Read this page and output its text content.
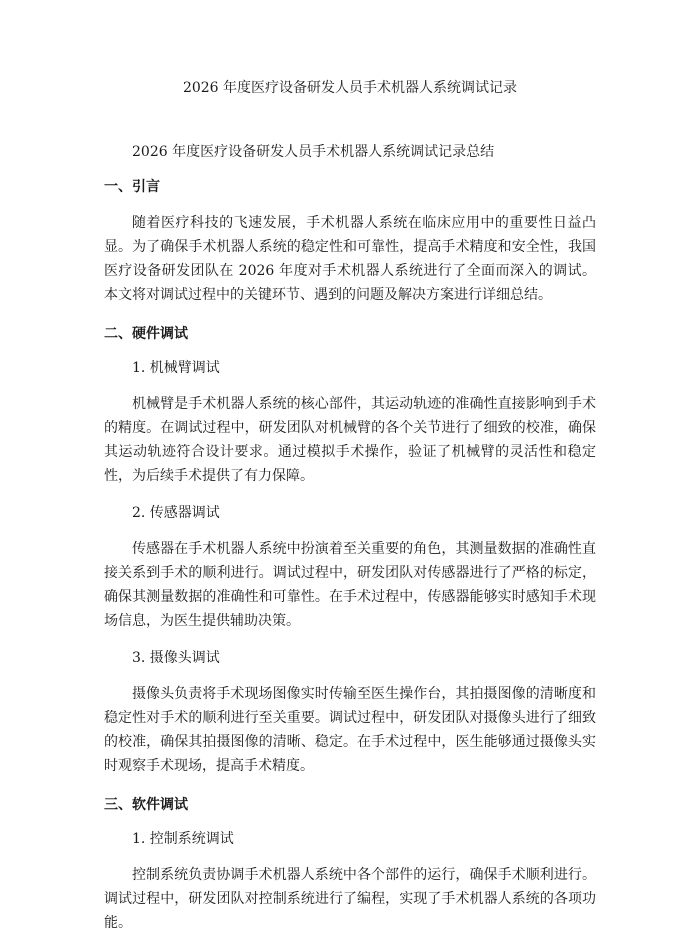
2026 年度医疗设备研发人员手术机器人系统调试记录

2026 年度医疗设备研发人员手术机器人系统调试记录总结

一、引言

随着医疗科技的飞速发展，手术机器人系统在临床应用中的重要性日益凸显。为了确保手术机器人系统的稳定性和可靠性，提高手术精度和安全性，我国医疗设备研发团队在 2026 年度对手术机器人系统进行了全面而深入的调试。本文将对调试过程中的关键环节、遇到的问题及解决方案进行详细总结。

二、硬件调试
1. 机械臂调试

机械臂是手术机器人系统的核心部件，其运动轨迹的准确性直接影响到手术的精度。在调试过程中，研发团队对机械臂的各个关节进行了细致的校准，确保其运动轨迹符合设计要求。通过模拟手术操作，验证了机械臂的灵活性和稳定性，为后续手术提供了有力保障。

2. 传感器调试

传感器在手术机器人系统中扮演着至关重要的角色，其测量数据的准确性直接关系到手术的顺利进行。调试过程中，研发团队对传感器进行了严格的标定，确保其测量数据的准确性和可靠性。在手术过程中，传感器能够实时感知手术现场信息，为医生提供辅助决策。

3. 摄像头调试

摄像头负责将手术现场图像实时传输至医生操作台，其拍摄图像的清晰度和稳定性对手术的顺利进行至关重要。调试过程中，研发团队对摄像头进行了细致的校准，确保其拍摄图像的清晰、稳定。在手术过程中，医生能够通过摄像头实时观察手术现场，提高手术精度。

三、软件调试
1. 控制系统调试

控制系统负责协调手术机器人系统中各个部件的运行，确保手术顺利进行。调试过程中，研发团队对控制系统进行了编程，实现了手术机器人系统的各项功能。
